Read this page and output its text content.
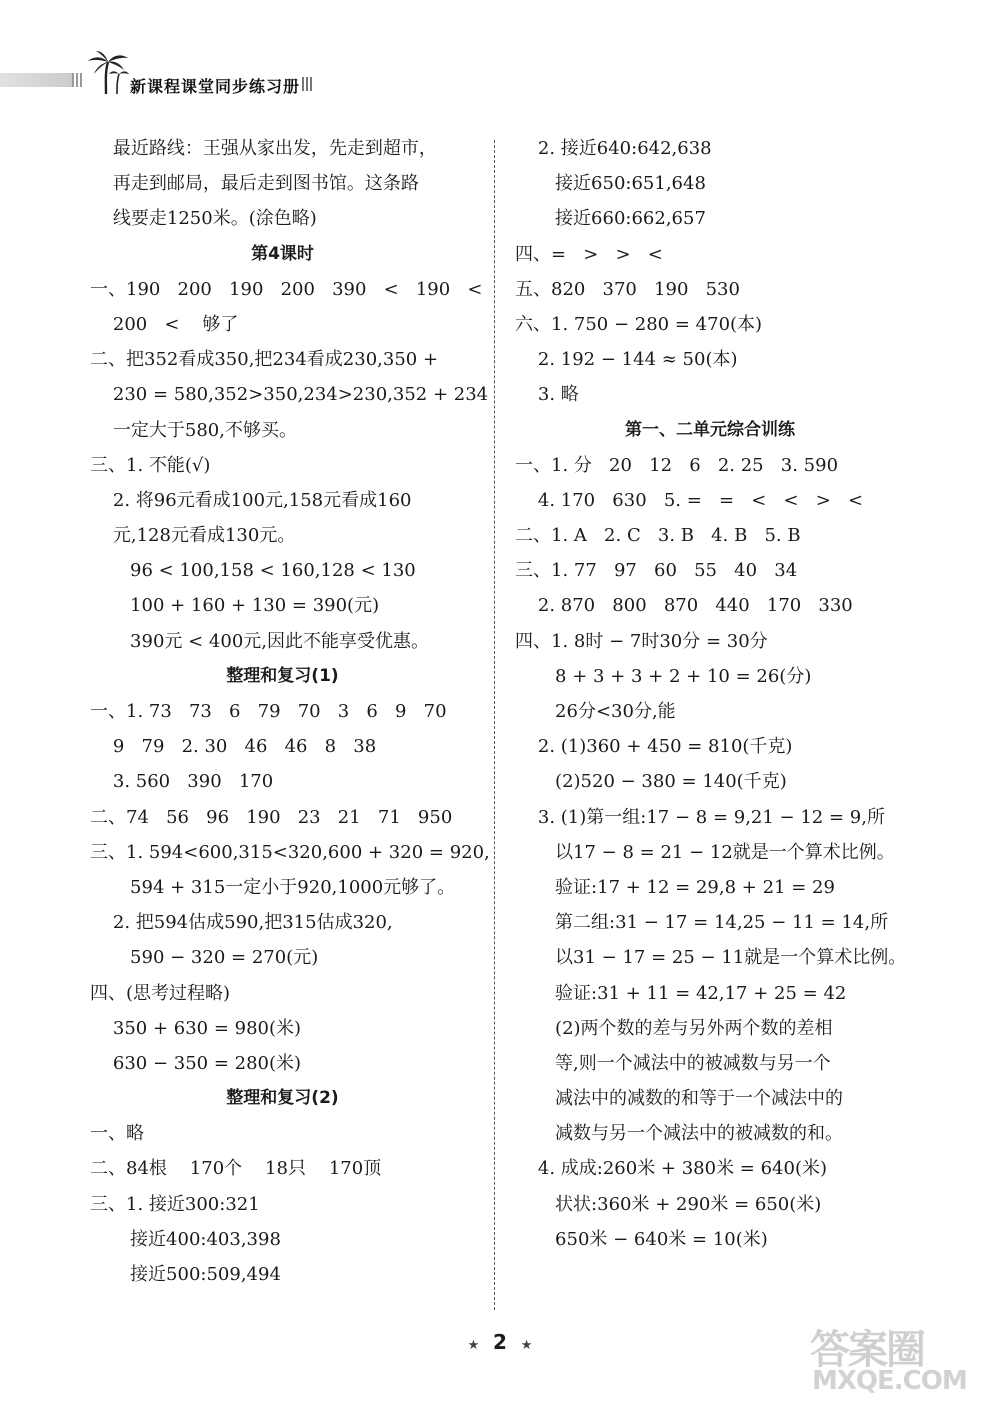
新课程课堂同步练习册
最近路线：王强从家出发，先走到超市，
再走到邮局，最后走到图书馆。这条路
线要走1250米。(涂色略)
第4课时
一、190   200   190   200   390   <   190   <
200   <    够了
二、把352看成350,把234看成230,350 +
230 = 580,352>350,234>230,352 + 234
一定大于580,不够买。
三、1. 不能(√)
2. 将96元看成100元,158元看成160
元,128元看成130元。
96 < 100,158 < 160,128 < 130
100 + 160 + 130 = 390(元)
390元 < 400元,因此不能享受优惠。
整理和复习(1)
一、1. 73   73   6   79   70   3   6   9   70
9   79   2. 30   46   46   8   38
3. 560   390   170
二、74   56   96   190   23   21   71   950
三、1. 594<600,315<320,600 + 320 = 920,
594 + 315一定小于920,1000元够了。
2. 把594估成590,把315估成320,
590 − 320 = 270(元)
四、(思考过程略)
350 + 630 = 980(米)
630 − 350 = 280(米)
整理和复习(2)
一、略
二、84根    170个    18只    170顶
三、1. 接近300:321
接近400:403,398
接近500:509,494
2. 接近640:642,638
接近650:651,648
接近660:662,657
四、=   >   >   <
五、820   370   190   530
六、1. 750 − 280 = 470(本)
2. 192 − 144 ≈ 50(本)
3. 略
第一、二单元综合训练
一、1. 分   20   12   6   2. 25   3. 590
4. 170   630   5. =   =   <   <   >   <
二、1. A   2. C   3. B   4. B   5. B
三、1. 77   97   60   55   40   34
2. 870   800   870   440   170   330
四、1. 8时 − 7时30分 = 30分
8 + 3 + 3 + 2 + 10 = 26(分)
26分<30分,能
2. (1)360 + 450 = 810(千克)
(2)520 − 380 = 140(千克)
3. (1)第一组:17 − 8 = 9,21 − 12 = 9,所
以17 − 8 = 21 − 12就是一个算术比例。
验证:17 + 12 = 29,8 + 21 = 29
第二组:31 − 17 = 14,25 − 11 = 14,所
以31 − 17 = 25 − 11就是一个算术比例。
验证:31 + 11 = 42,17 + 25 = 42
(2)两个数的差与另外两个数的差相
等,则一个减法中的被减数与另一个
减法中的减数的和等于一个减法中的
减数与另一个减法中的被减数的和。
4. 成成:260米 + 380米 = 640(米)
状状:360米 + 290米 = 650(米)
650米 − 640米 = 10(米)
★ 2 ★	答案圈
MXQE.COM
